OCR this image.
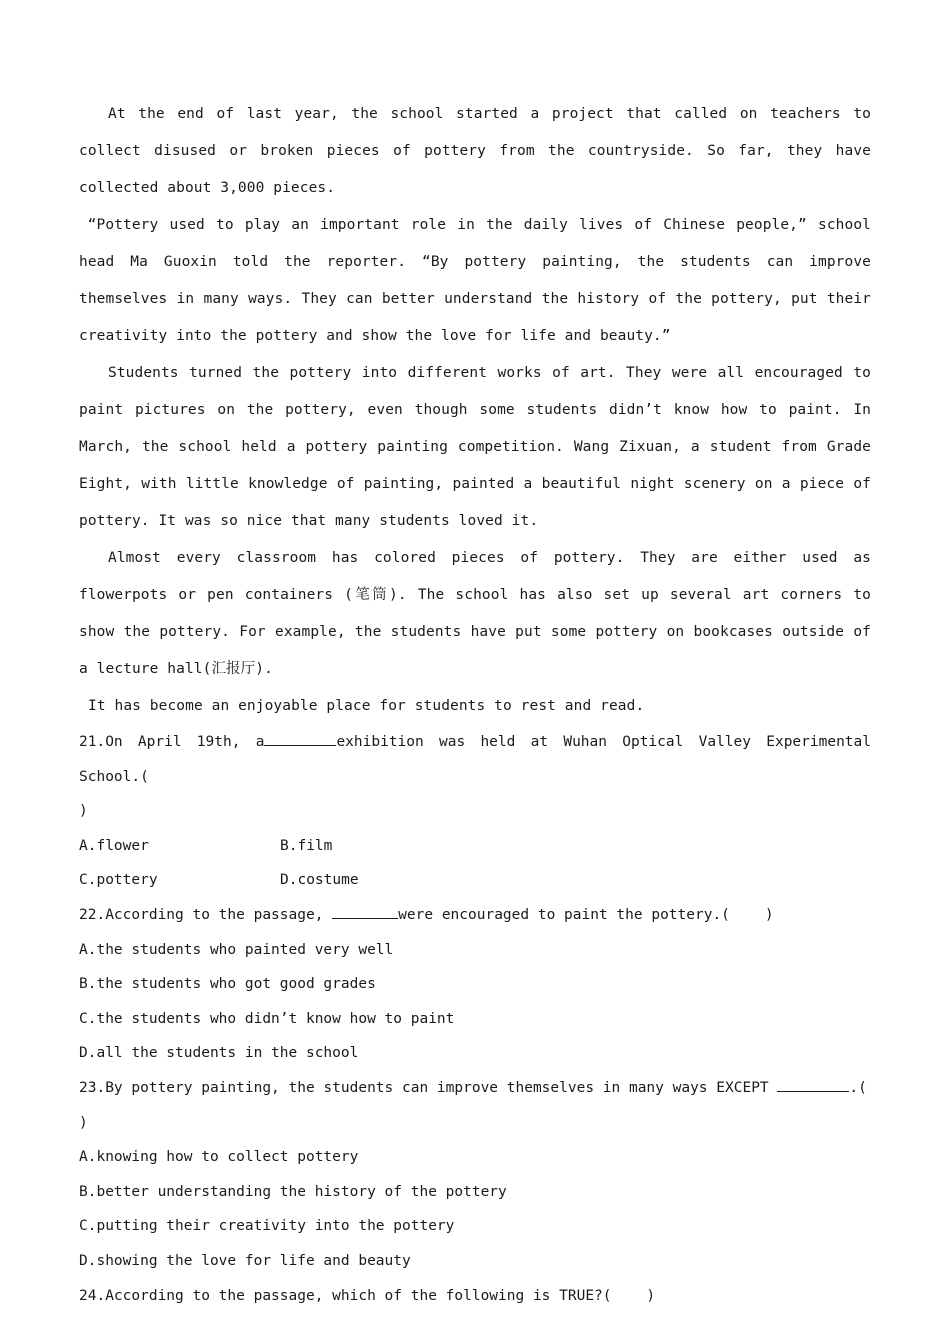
At the end of last year, the school started a project that called on teachers to collect disused or broken pieces of pottery from the countryside. So far, they have collected about 3,000 pieces.

“Pottery used to play an important role in the daily lives of Chinese people,” school head Ma Guoxin told the reporter. “By pottery painting, the students can improve themselves in many ways. They can better understand the history of the pottery, put their creativity into the pottery and show the love for life and beauty.”

Students turned the pottery into different works of art. They were all encouraged to paint pictures on the pottery, even though some students didn’t know how to paint. In March, the school held a pottery painting competition. Wang Zixuan, a student from Grade Eight, with little knowledge of painting, painted a beautiful night scenery on a piece of pottery. It was so nice that many students loved it.

Almost every classroom has colored pieces of pottery. They are either used as flowerpots or pen containers (笔筒). The school has also set up several art corners to show the pottery. For example, the students have put some pottery on bookcases outside of a lecture hall(汇报厅).

It has become an enjoyable place for students to rest and read.

21.On April 19th, a	exhibition was held at Wuhan Optical Valley Experimental School.(

)

A.flower	B.film
C.pottery	D.costume

22.According to the passage,	were encouraged to paint the pottery.(    )

A.the students who painted very well

B.the students who got good grades

C.the students who didn’t know how to paint

D.all the students in the school

23.By pottery painting, the students can improve themselves in many ways EXCEPT	.(

)

A.knowing how to collect pottery

B.better understanding the history of the pottery

C.putting their creativity into the pottery

D.showing the love for life and beauty

24.According to the passage, which of the following is TRUE?(    )
